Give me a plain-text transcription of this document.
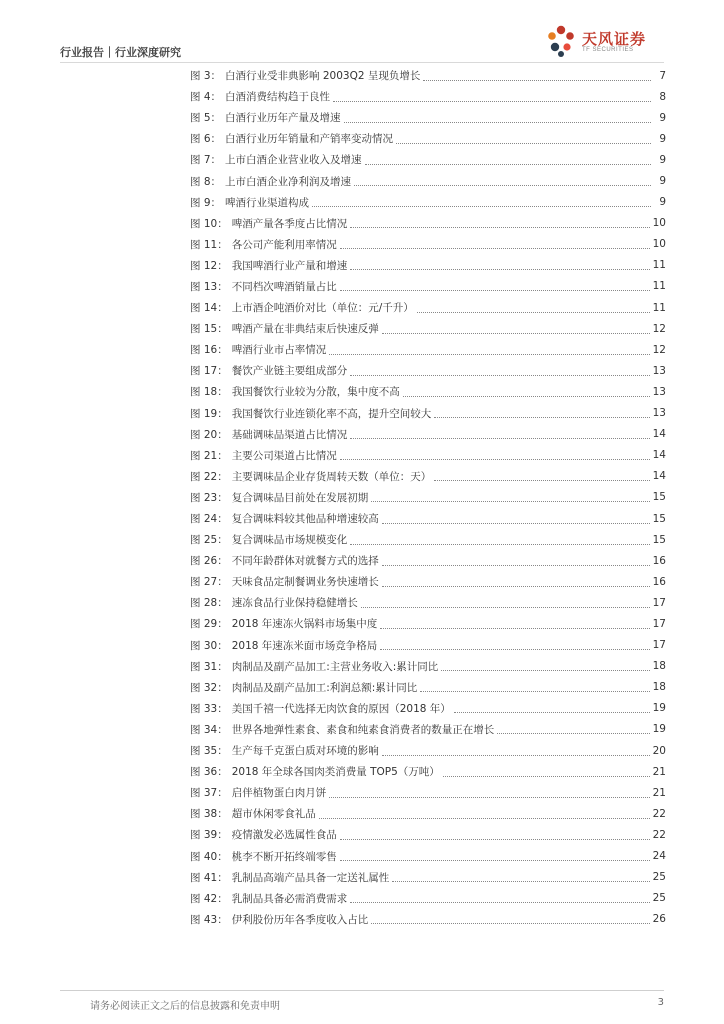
行业报告｜行业深度研究
天风证券
TF SECURITIES
图 3： 白酒行业受非典影响 2003Q2 呈现负增长	7
图 4： 白酒消费结构趋于良性	8
图 5： 白酒行业历年产量及增速	9
图 6： 白酒行业历年销量和产销率变动情况	9
图 7： 上市白酒企业营业收入及增速	9
图 8： 上市白酒企业净利润及增速	9
图 9： 啤酒行业渠道构成	9
图 10： 啤酒产量各季度占比情况	10
图 11： 各公司产能利用率情况	10
图 12： 我国啤酒行业产量和增速	11
图 13： 不同档次啤酒销量占比	11
图 14： 上市酒企吨酒价对比（单位：元/千升）	11
图 15： 啤酒产量在非典结束后快速反弹	12
图 16： 啤酒行业市占率情况	12
图 17： 餐饮产业链主要组成部分	13
图 18： 我国餐饮行业较为分散，集中度不高	13
图 19： 我国餐饮行业连锁化率不高，提升空间较大	13
图 20： 基础调味品渠道占比情况	14
图 21： 主要公司渠道占比情况	14
图 22： 主要调味品企业存货周转天数（单位：天）	14
图 23： 复合调味品目前处在发展初期	15
图 24： 复合调味料较其他品种增速较高	15
图 25： 复合调味品市场规模变化	15
图 26： 不同年龄群体对就餐方式的选择	16
图 27： 天味食品定制餐调业务快速增长	16
图 28： 速冻食品行业保持稳健增长	17
图 29： 2018 年速冻火锅料市场集中度	17
图 30： 2018 年速冻米面市场竞争格局	17
图 31： 肉制品及副产品加工:主营业务收入:累计同比	18
图 32： 肉制品及副产品加工:利润总额:累计同比	18
图 33： 美国千禧一代选择无肉饮食的原因（2018 年）	19
图 34： 世界各地弹性素食、素食和纯素食消费者的数量正在增长	19
图 35： 生产每千克蛋白质对环境的影响	20
图 36： 2018 年全球各国肉类消费量 TOP5（万吨）	21
图 37： 启伴植物蛋白肉月饼	21
图 38： 超市休闲零食礼品	22
图 39： 疫情激发必选属性食品	22
图 40： 桃李不断开拓终端零售	24
图 41： 乳制品高端产品具备一定送礼属性	25
图 42： 乳制品具备必需消费需求	25
图 43： 伊利股份历年各季度收入占比	26
请务必阅读正文之后的信息披露和免责申明	3
